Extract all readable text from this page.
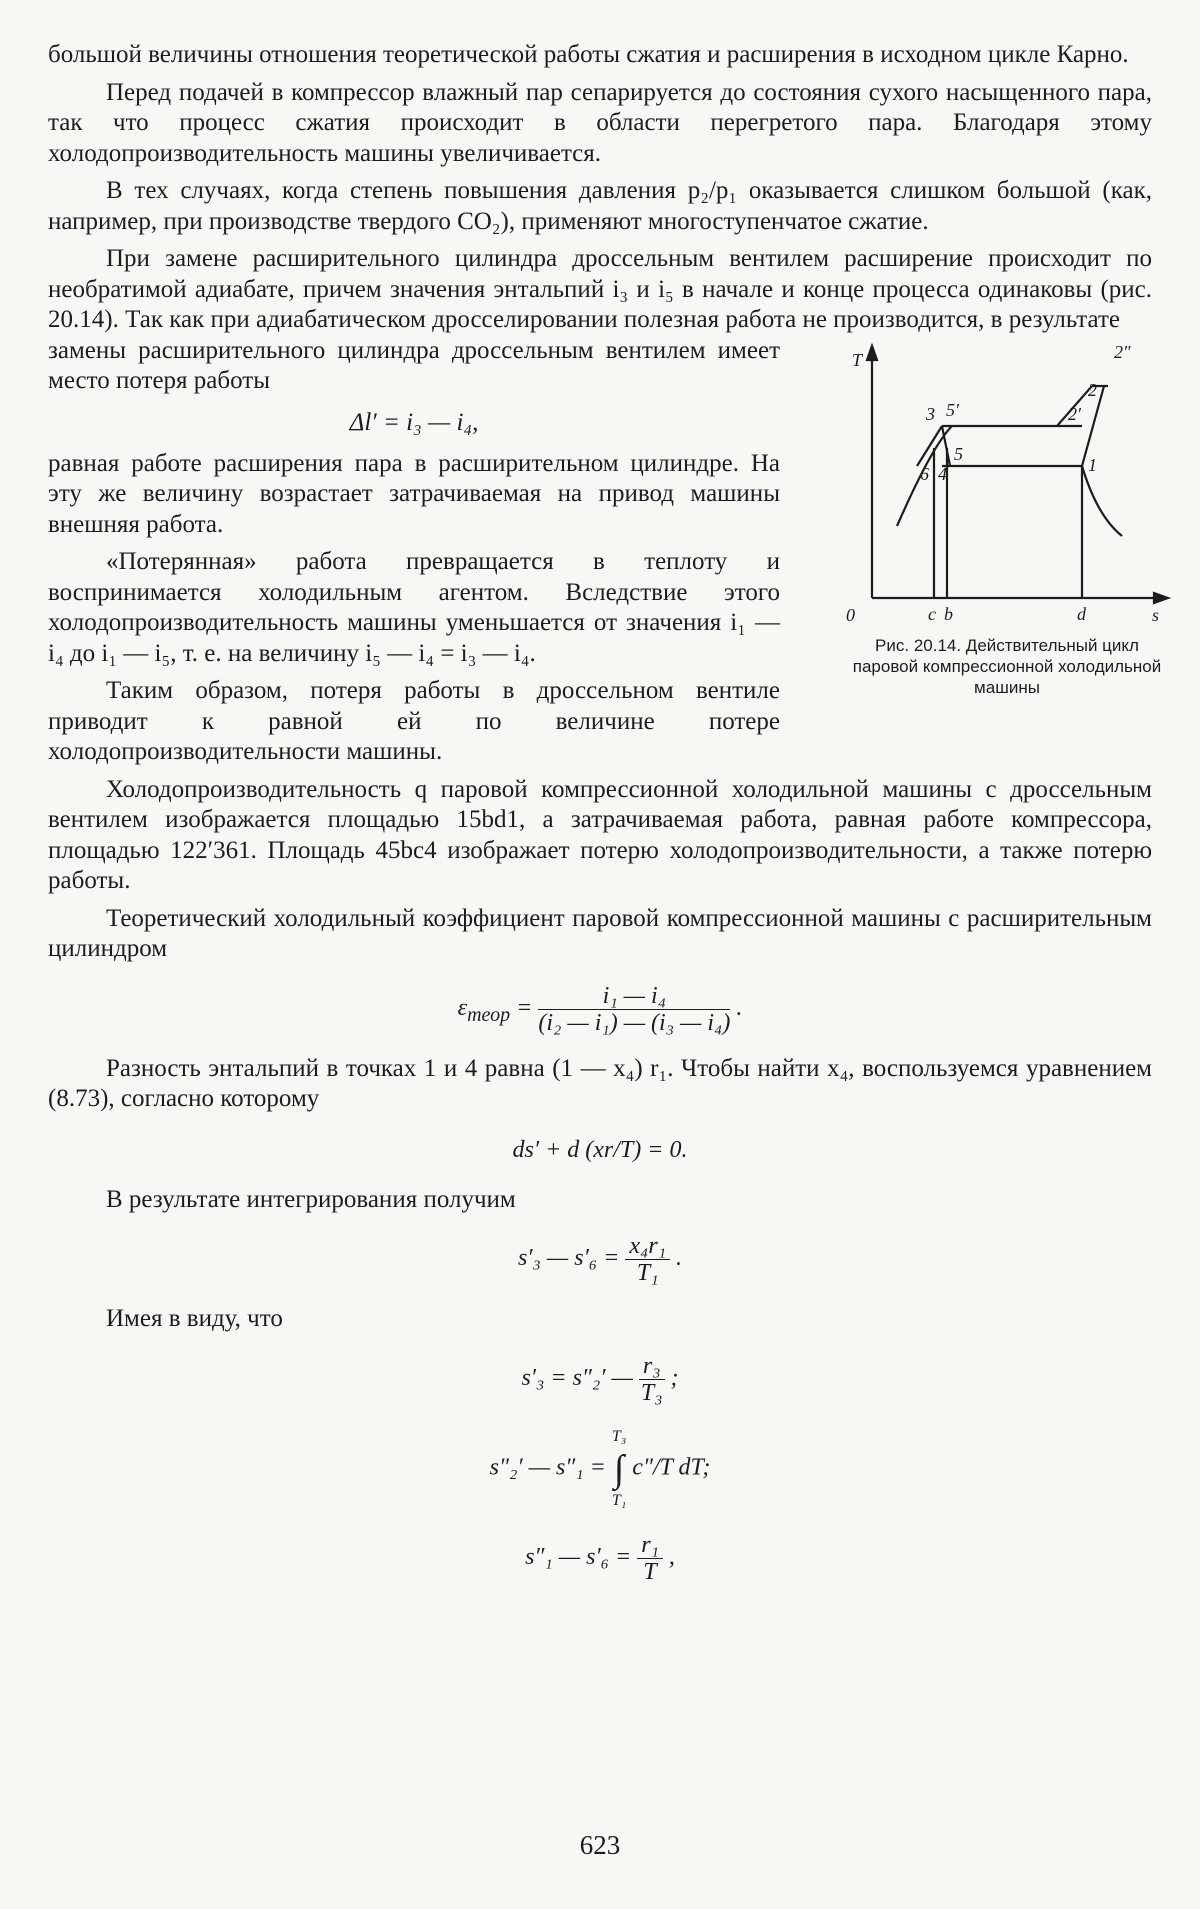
большой величины отношения теоретической работы сжатия и расширения в исходном цикле Карно.

Перед подачей в компрессор влажный пар сепарируется до состояния сухого насыщенного пара, так что процесс сжатия происходит в области перегретого пара. Благодаря этому холодопроизводительность машины увеличивается.

В тех случаях, когда степень повышения давления p₂/p₁ оказывается слишком большой (как, например, при производстве твердого CO₂), применяют многоступенчатое сжатие.

При замене расширительного цилиндра дроссельным вентилем расширение происходит по необратимой адиабате, причем значения энтальпий i₃ и i₅ в начале и конце процесса одинаковы (рис. 20.14). Так как при адиабатическом дросселировании полезная работа не производится, в результате

замены расширительного цилиндра дроссельным вентилем имеет место потеря работы

Δl′ = i₃ — i₄,

равная работе расширения пара в расширительном цилиндре. На эту же величину возрастает затрачиваемая на привод машины внешняя работа.

«Потерянная» работа превращается в теплоту и воспринимается холодильным агентом. Вследствие этого холодопроизводительность машины уменьшается от значения i₁ — i₄ до i₁ — i₅, т. е. на величину i₅ — i₄ = i₃ — i₄.

Таким образом, потеря работы в дроссельном вентиле приводит к равной ей по величине потере холодопроизводительности машины.

T
s
0	c b	d
1
2
2′
2″
3
4
5
5′
6
Рис. 20.14. Действительный цикл паровой компрессионной холодильной машины

Холодопроизводительность q паровой компрессионной холодильной машины с дроссельным вентилем изображается площадью 15bd1, а затрачиваемая работа, равная работе компрессора, площадью 122′361. Площадь 45bc4 изображает потерю холодопроизводительности, а также потерю работы.

Теоретический холодильный коэффициент паровой компрессионной машины с расширительным цилиндром

$\varepsilon_{теор} = \frac{\text{i₁ — i₄}}{\text{(i₂ — i₁) — (i₃ — i₄)}}$ .

Разность энтальпий в точках 1 и 4 равна (1 — x₄) r₁. Чтобы найти x₄, воспользуемся уравнением (8.73), согласно которому

ds′ + d (xr/T) = 0.

В результате интегрирования получим

s′₃ — $s'_6 = \frac{\text{x₄r₁}}{\text{T₁}}$ .

Имея в виду, что

s′₃ = s″₂′ — $\frac{\text{r₃}}{\text{T₃}}$ ;
s″₂′ — s″₁ =
T₃
∫
T₁
c″/T dT;
s″₁ — $s'_6 = \frac{\text{r₁}}{T}$ ,
623
